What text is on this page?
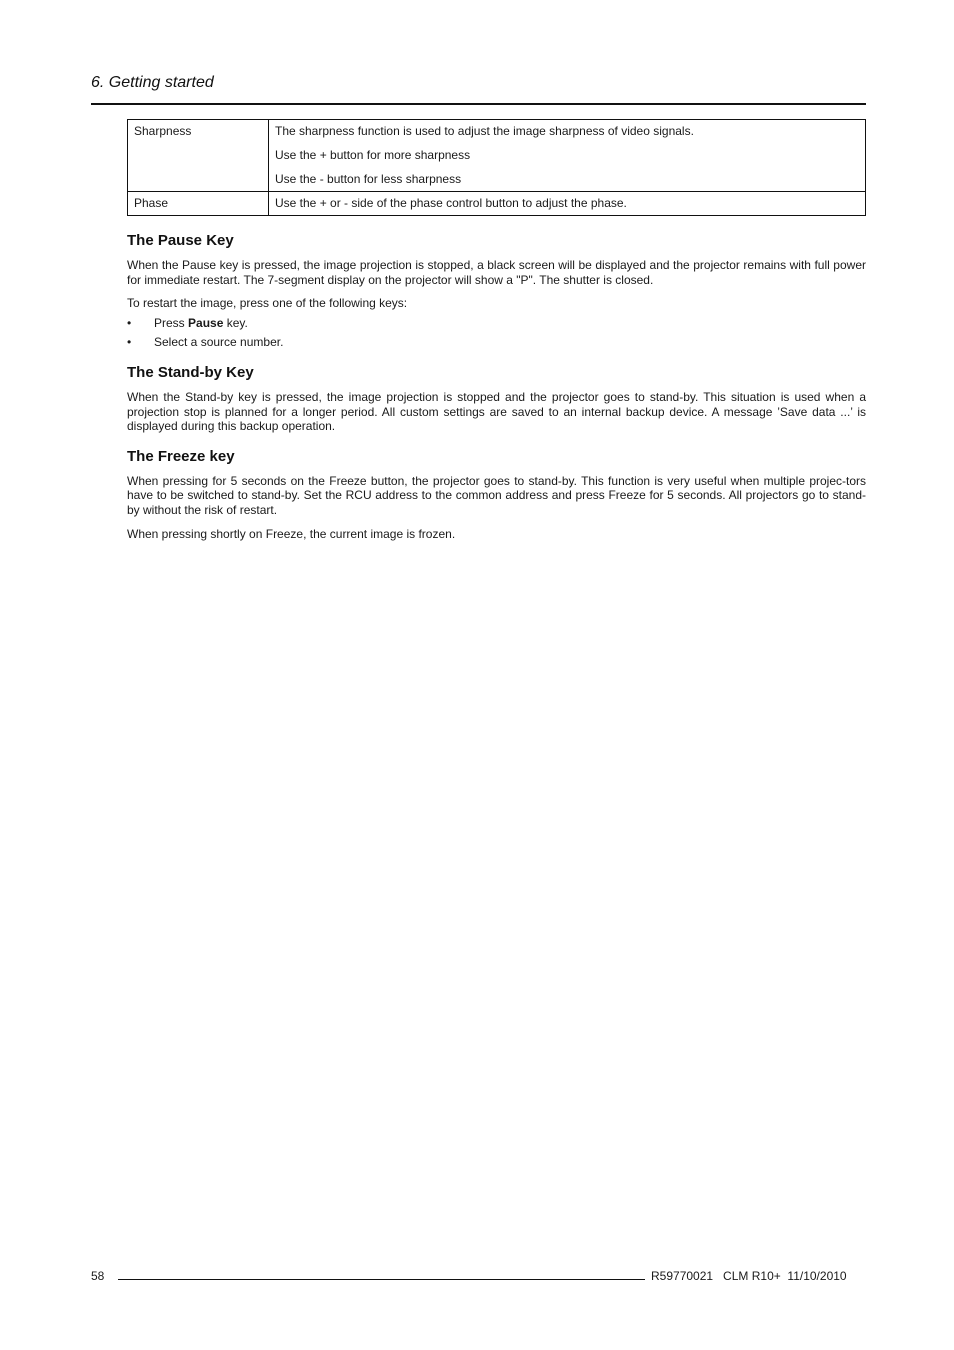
6. Getting started
Sharpness	The sharpness function is used to adjust the image sharpness of video signals.

Use the + button for more sharpness

Use the - button for less sharpness

Phase	Use the + or - side of the phase control button to adjust the phase.

The Pause Key

When the Pause key is pressed, the image projection is stopped, a black screen will be displayed and the projector remains with full power for immediate restart. The 7-segment display on the projector will show a "P". The shutter is closed.

To restart the image, press one of the following keys:

• Press Pause key.
• Select a source number.
The Stand-by Key

When the Stand-by key is pressed, the image projection is stopped and the projector goes to stand-by. This situation is used when a projection stop is planned for a longer period. All custom settings are saved to an internal backup device. A message ’Save data ...’ is displayed during this backup operation.

The Freeze key

When pressing for 5 seconds on the Freeze button, the projector goes to stand-by. This function is very useful when multiple projec-tors have to be switched to stand-by. Set the RCU address to the common address and press Freeze for 5 seconds. All projectors go to stand-by without the risk of restart.

When pressing shortly on Freeze, the current image is frozen.

58	R59770021   CLM R10+  11/10/2010
